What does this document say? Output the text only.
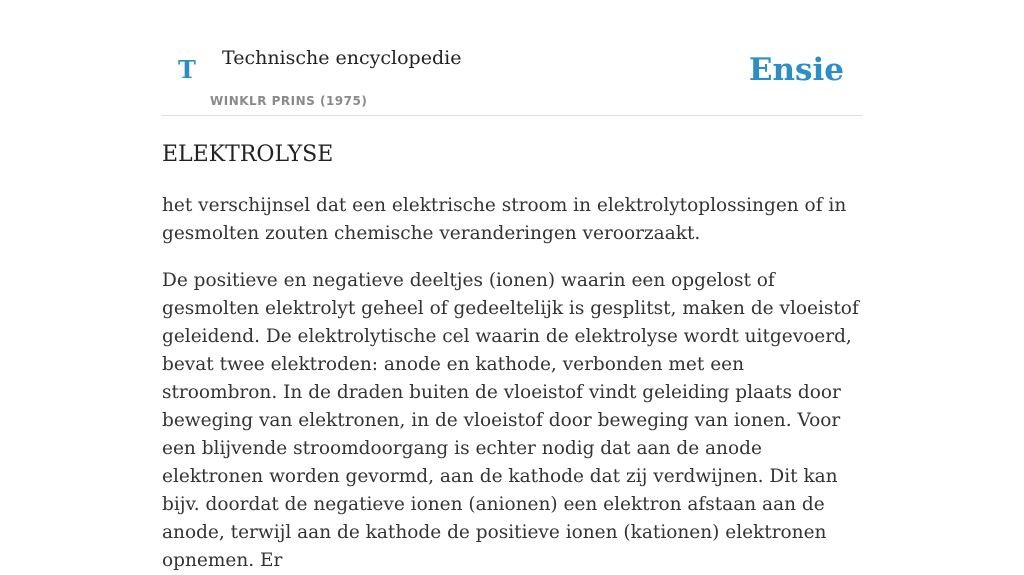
T Technische encyclopedie
WINKLR PRINS (1975)
Ensie
ELEKTROLYSE

het verschijnsel dat een elektrische stroom in elektrolytoplossingen of in gesmolten zouten chemische veranderingen veroorzaakt.

De positieve en negatieve deeltjes (ionen) waarin een opgelost of gesmolten elektrolyt geheel of gedeeltelijk is gesplitst, maken de vloeistof geleidend. De elektrolytische cel waarin de elektrolyse wordt uitgevoerd, bevat twee elektroden: anode en kathode, verbonden met een stroombron. In de draden buiten de vloeistof vindt geleiding plaats door beweging van elektronen, in de vloeistof door beweging van ionen. Voor een blijvende stroomdoorgang is echter nodig dat aan de anode elektronen worden gevormd, aan de kathode dat zij verdwijnen. Dit kan bijv. doordat de negatieve ionen (anionen) een elektron afstaan aan de anode, terwijl aan de kathode de positieve ionen (kationen) elektronen opnemen. Er
